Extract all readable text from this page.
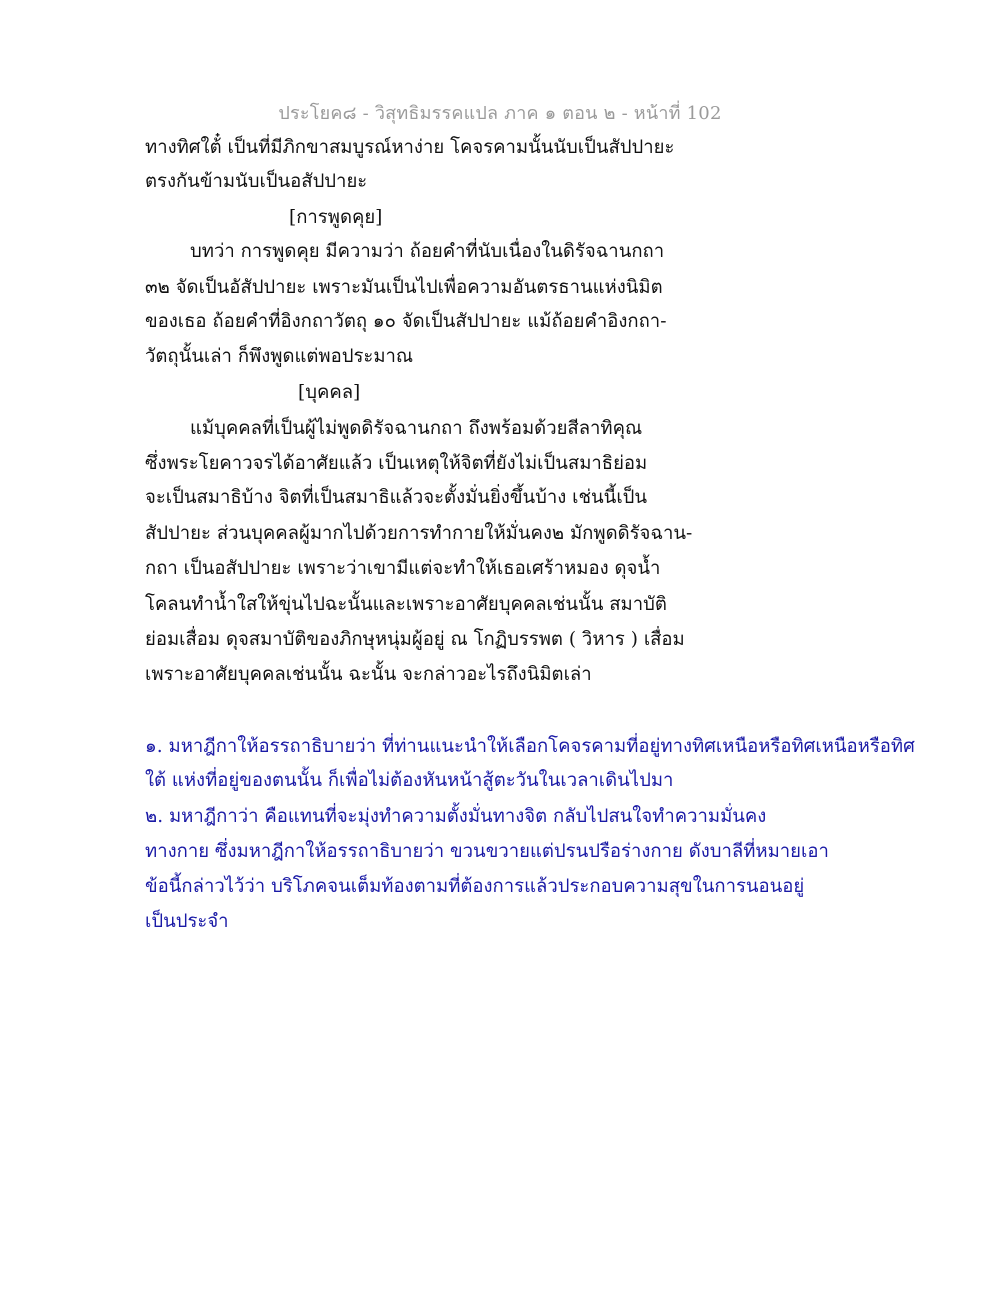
ประโยค๘ - วิสุทธิมรรคแปล ภาค ๑ ตอน ๒ - หน้าที่ 102
ทางทิศใต้๋ เป็นที่มีภิกขาสมบูรณ์หาง่าย โคจรคามนั้นนับเป็นสัปปายะ
ตรงกันข้ามนับเป็นอสัปปายะ
[การพูดคุย]
บทว่า การพูดคุย มีความว่า ถ้อยคำที่นับเนื่องในดิรัจฉานกถา
๓๒ จัดเป็นอัสัปปายะ เพราะมันเป็นไปเพื่อความอันตรธานแห่งนิมิต
ของเธอ ถ้อยคำที่อิงกถาวัตถุ ๑๐ จัดเป็นสัปปายะ แม้ถ้อยคำอิงกถา-
วัตถุนั้นเล่า ก็พึงพูดแต่พอประมาณ
[บุคคล]
แม้บุคคลที่เป็นผู้ไม่พูดดิรัจฉานกถา ถึงพร้อมด้วยสีลาทิคุณ
ซึ่งพระโยคาวจรได้อาศัยแล้ว เป็นเหตุให้จิตที่ยังไม่เป็นสมาธิย่อม
จะเป็นสมาธิบ้าง จิตที่เป็นสมาธิแล้วจะตั้งมั่นยิ่งขึ้นบ้าง เช่นนี้เป็น
สัปปายะ ส่วนบุคคลผู้มากไปด้วยการทำกายให้มั่นคง๒ มักพูดดิรัจฉาน-
กถา เป็นอสัปปายะ เพราะว่าเขามีแต่จะทำให้เธอเศร้าหมอง ดุจน้ำ
โคลนทำน้ำใสให้ขุ่นไปฉะนั้นและเพราะอาศัยบุคคลเช่นนั้น สมาบัติ
ย่อมเสื่อม ดุจสมาบัติของภิกษุหนุ่มผู้อยู่ ณ โกฏิบรรพต ( วิหาร ) เสื่อม
เพราะอาศัยบุคคลเช่นนั้น ฉะนั้น จะกล่าวอะไรถึงนิมิตเล่า
๑. มหาฎีกาให้อรรถาธิบายว่า ที่ท่านแนะนำให้เลือกโคจรคามที่อยู่ทางทิศเหนือหรือทิศเหนือหรือทิศ
ใต้ แห่งที่อยู่ของตนนั้น ก็เพื่อไม่ต้องหันหน้าสู้ตะวันในเวลาเดินไปมา
๒. มหาฎีกาว่า คือแทนที่จะมุ่งทำความตั้งมั่นทางจิต กลับไปสนใจทำความมั่นคง
ทางกาย ซึ่งมหาฎีกาให้อรรถาธิบายว่า ขวนขวายแต่ปรนปรือร่างกาย ดังบาลีที่หมายเอา
ข้อนี้กล่าวไว้ว่า บริโภคจนเต็มท้องตามที่ต้องการแล้วประกอบความสุขในการนอนอยู่
เป็นประจำ
